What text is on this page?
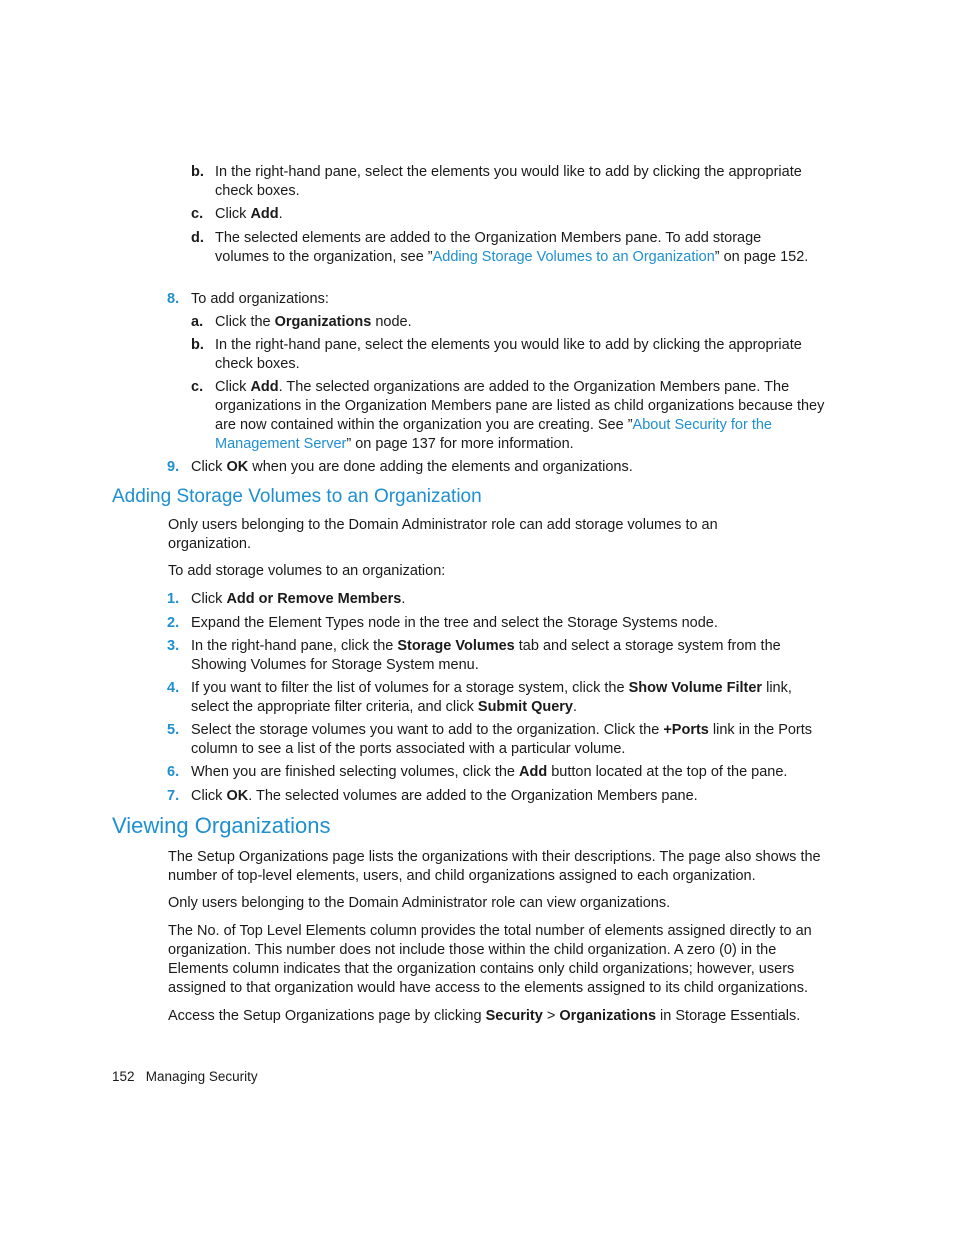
b. In the right-hand pane, select the elements you would like to add by clicking the appropriate check boxes.
c. Click Add.
d. The selected elements are added to the Organization Members pane. To add storage volumes to the organization, see ”Adding Storage Volumes to an Organization” on page 152.
8. To add organizations:
a. Click the Organizations node.
b. In the right-hand pane, select the elements you would like to add by clicking the appropriate check boxes.
c. Click Add. The selected organizations are added to the Organization Members pane. The organizations in the Organization Members pane are listed as child organizations because they are now contained within the organization you are creating. See ”About Security for the Management Server” on page 137 for more information.
9. Click OK when you are done adding the elements and organizations.
Adding Storage Volumes to an Organization
Only users belonging to the Domain Administrator role can add storage volumes to an organization.
To add storage volumes to an organization:
1. Click Add or Remove Members.
2. Expand the Element Types node in the tree and select the Storage Systems node.
3. In the right-hand pane, click the Storage Volumes tab and select a storage system from the Showing Volumes for Storage System menu.
4. If you want to filter the list of volumes for a storage system, click the Show Volume Filter link, select the appropriate filter criteria, and click Submit Query.
5. Select the storage volumes you want to add to the organization. Click the +Ports link in the Ports column to see a list of the ports associated with a particular volume.
6. When you are finished selecting volumes, click the Add button located at the top of the pane.
7. Click OK. The selected volumes are added to the Organization Members pane.
Viewing Organizations
The Setup Organizations page lists the organizations with their descriptions. The page also shows the number of top-level elements, users, and child organizations assigned to each organization.
Only users belonging to the Domain Administrator role can view organizations.
The No. of Top Level Elements column provides the total number of elements assigned directly to an organization. This number does not include those within the child organization. A zero (0) in the Elements column indicates that the organization contains only child organizations; however, users assigned to that organization would have access to the elements assigned to its child organizations.
Access the Setup Organizations page by clicking Security > Organizations in Storage Essentials.
152 Managing Security
